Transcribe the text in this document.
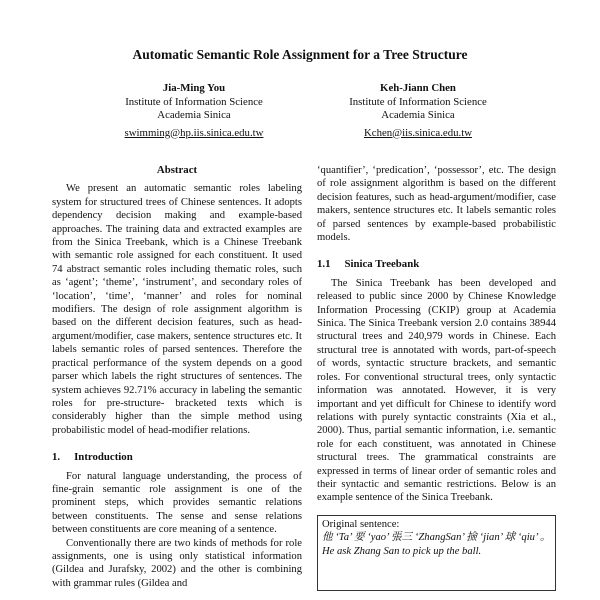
Automatic Semantic Role Assignment for a Tree Structure
Jia-Ming You
Institute of Information Science
Academia Sinica
swimming@hp.iis.sinica.edu.tw
Keh-Jiann Chen
Institute of Information Science
Academia Sinica
Kchen@iis.sinica.edu.tw
Abstract

We present an automatic semantic roles labeling system for structured trees of Chinese sentences. It adopts dependency decision making and example-based approaches. The training data and extracted examples are from the Sinica Treebank, which is a Chinese Treebank with semantic role assigned for each constituent. It used 74 abstract semantic roles including thematic roles, such as ‘agent’; ‘theme’, ‘instrument’, and secondary roles of ‘location’, ‘time’, ‘manner’ and roles for nominal modifiers. The design of role assignment algorithm is based on the different decision features, such as head-argument/modifier, case makers, sentence structures etc. It labels semantic roles of parsed sentences. Therefore the practical performance of the system depends on a good parser which labels the right structures of sentences. The system achieves 92.71% accuracy in labeling the semantic roles for pre-structure- bracketed texts which is considerably higher than the simple method using probabilistic model of head-modifier relations.

1. Introduction

For natural language understanding, the process of fine-grain semantic role assignment is one of the prominent steps, which provides semantic relations between constituents. The sense and sense relations between constituents are core meaning of a sentence.

Conventionally there are two kinds of methods for role assignments, one is using only statistical information (Gildea and Jurafsky, 2002) and the other is combining with grammar rules (Gildea and

‘quantifier’, ‘predication’, ‘possessor’, etc. The design of role assignment algorithm is based on the different decision features, such as head-argument/modifier, case makers, sentence structures etc. It labels semantic roles of parsed sentences by example-based probabilistic models.

1.1 Sinica Treebank

The Sinica Treebank has been developed and released to public since 2000 by Chinese Knowledge Information Processing (CKIP) group at Academia Sinica. The Sinica Treebank version 2.0 contains 38944 structural trees and 240,979 words in Chinese. Each structural tree is annotated with words, part-of-speech of words, syntactic structure brackets, and semantic roles. For conventional structural trees, only syntactic information was annotated. However, it is very important and yet difficult for Chinese to identify word relations with purely syntactic constraints (Xia et al., 2000). Thus, partial semantic information, i.e. semantic role for each constituent, was annotated in Chinese structural trees. The grammatical constraints are expressed in terms of linear order of semantic roles and their syntactic and semantic restrictions. Below is an example sentence of the Sinica Treebank.

Original sentence:
他 ‘Ta’ 要 ‘yao’ 張三 ‘ZhangSan’ 撿 ‘jian’ 球 ‘qiu’ 。
He ask Zhang San to pick up the ball.
